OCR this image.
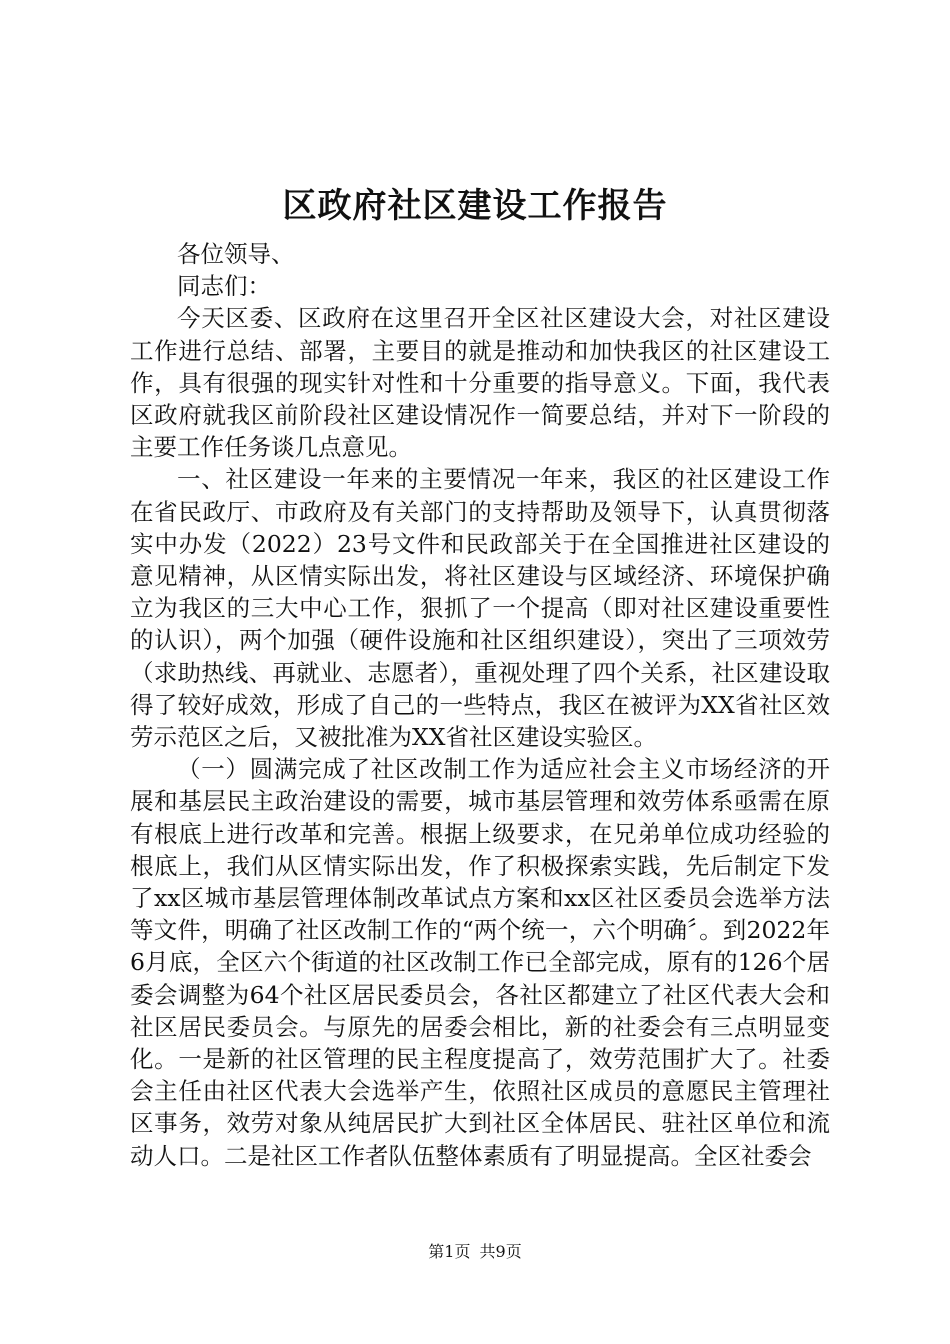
区政府社区建设工作报告

各位领导、

同志们：

今天区委、区政府在这里召开全区社区建设大会，对社区建设工作进行总结、部署，主要目的就是推动和加快我区的社区建设工作，具有很强的现实针对性和十分重要的指导意义。下面，我代表区政府就我区前阶段社区建设情况作一简要总结，并对下一阶段的主要工作任务谈几点意见。

一、社区建设一年来的主要情况一年来，我区的社区建设工作在省民政厅、市政府及有关部门的支持帮助及领导下，认真贯彻落实中办发（2022）23号文件和民政部关于在全国推进社区建设的意见精神，从区情实际出发，将社区建设与区域经济、环境保护确立为我区的三大中心工作，狠抓了一个提高（即对社区建设重要性的认识），两个加强（硬件设施和社区组织建设），突出了三项效劳（求助热线、再就业、志愿者），重视处理了四个关系，社区建设取得了较好成效，形成了自己的一些特点，我区在被评为XX省社区效劳示范区之后，又被批准为XX省社区建设实验区。

（一）圆满完成了社区改制工作为适应社会主义市场经济的开展和基层民主政治建设的需要，城市基层管理和效劳体系亟需在原有根底上进行改革和完善。根据上级要求，在兄弟单位成功经验的根底上，我们从区情实际出发，作了积极探索实践，先后制定下发了xx区城市基层管理体制改革试点方案和xx区社区委员会选举方法等文件，明确了社区改制工作的“两个统一，六个明确〞。到2022年6月底，全区六个街道的社区改制工作已全部完成，原有的126个居委会调整为64个社区居民委员会，各社区都建立了社区代表大会和社区居民委员会。与原先的居委会相比，新的社委会有三点明显变化。一是新的社区管理的民主程度提高了，效劳范围扩大了。社委会主任由社区代表大会选举产生，依照社区成员的意愿民主管理社区事务，效劳对象从纯居民扩大到社区全体居民、驻社区单位和流动人口。二是社区工作者队伍整体素质有了明显提高。全区社委会

第1页 共9页
